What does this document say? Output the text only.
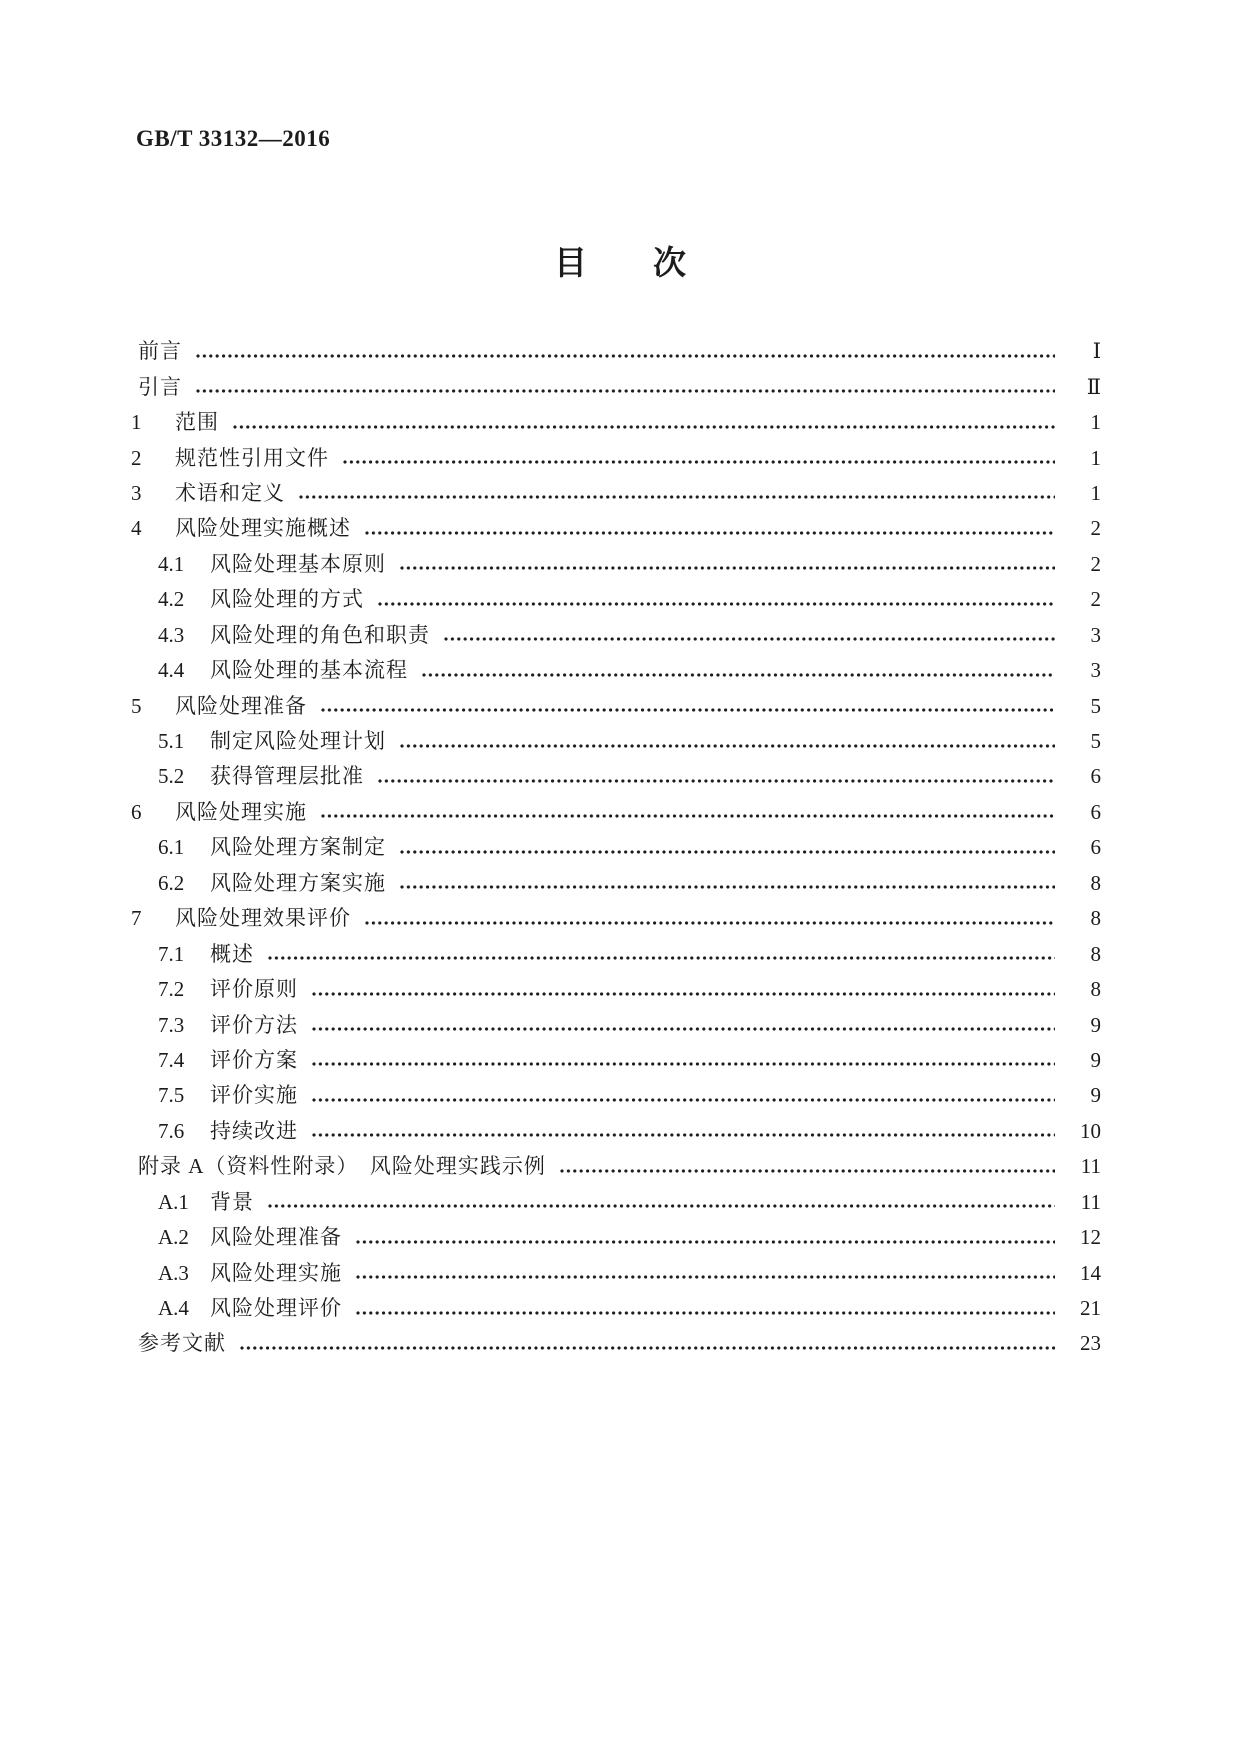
GB/T 33132—2016
目　　次
前言	Ⅰ
引言	Ⅱ
1	范围	1
2	规范性引用文件	1
3	术语和定义	1
4	风险处理实施概述	2
4.1	风险处理基本原则	2
4.2	风险处理的方式	2
4.3	风险处理的角色和职责	3
4.4	风险处理的基本流程	3
5	风险处理准备	5
5.1	制定风险处理计划	5
5.2	获得管理层批准	6
6	风险处理实施	6
6.1	风险处理方案制定	6
6.2	风险处理方案实施	8
7	风险处理效果评价	8
7.1	概述	8
7.2	评价原则	8
7.3	评价方法	9
7.4	评价方案	9
7.5	评价实施	9
7.6	持续改进	10
附录 A（资料性附录）　风险处理实践示例	11
A.1	背景	11
A.2	风险处理准备	12
A.3	风险处理实施	14
A.4	风险处理评价	21
参考文献	23
